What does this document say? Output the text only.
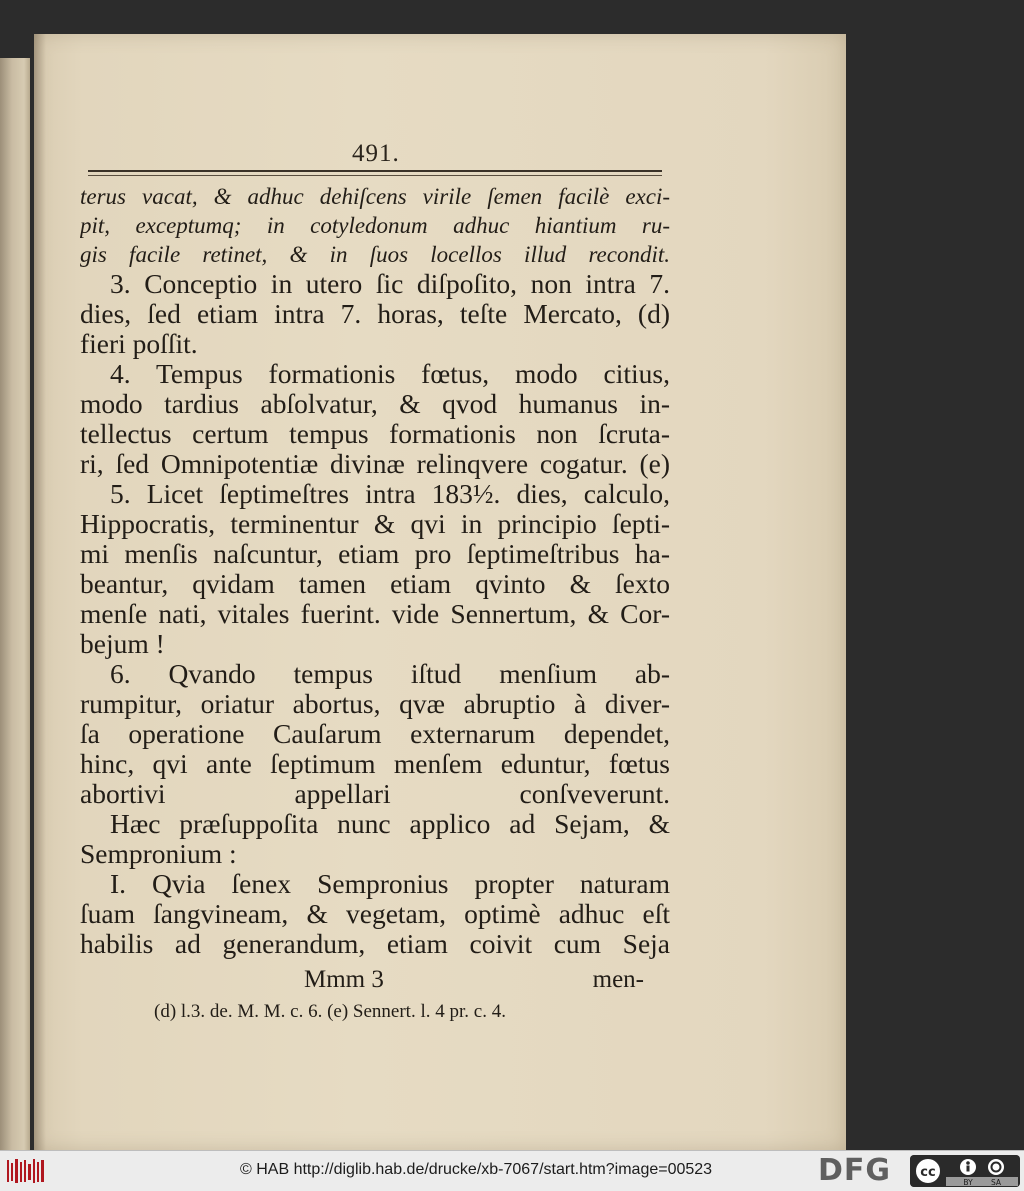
491.
terus vacat, & adhuc dehiſcens virile ſemen facilè exci-
pit, exceptumq; in cotyledonum adhuc hiantium ru-
gis facile retinet, & in ſuos locellos illud recondit.
3. Conceptio in utero ſic diſpoſito, non intra 7.
dies, ſed etiam intra 7. horas, teſte Mercato, (d)
fieri poſſit.
4. Tempus formationis fœtus, modo citius,
modo tardius abſolvatur, & qvod humanus in-
tellectus certum tempus formationis non ſcruta-
ri, ſed Omnipotentiæ divinæ relinqvere cogatur. (e)
5. Licet ſeptimeſtres intra 183½. dies, calculo,
Hippocratis, terminentur & qvi in principio ſepti-
mi menſis naſcuntur, etiam pro ſeptimeſtribus ha-
beantur, qvidam tamen etiam qvinto & ſexto
menſe nati, vitales fuerint. vide Sennertum, & Cor-
bejum !
6. Qvando tempus iſtud menſium ab-
rumpitur, oriatur abortus, qvæ abruptio à diver-
ſa operatione Cauſarum externarum dependet,
hinc, qvi ante ſeptimum menſem eduntur, fœtus
abortivi appellari conſveverunt.
Hæc præſuppoſita nunc applico ad Sejam, &
Sempronium :
I. Qvia ſenex Sempronius propter naturam
ſuam ſangvineam, & vegetam, optimè adhuc eſt
habilis ad generandum, etiam coivit cum Seja
Mmm 3	men-
(d) l.3. de. M. M. c. 6. (e) Sennert. l. 4 pr. c. 4.
© HAB http://diglib.hab.de/drucke/xb-7067/start.htm?image=00523	DFG cc
BY SA
